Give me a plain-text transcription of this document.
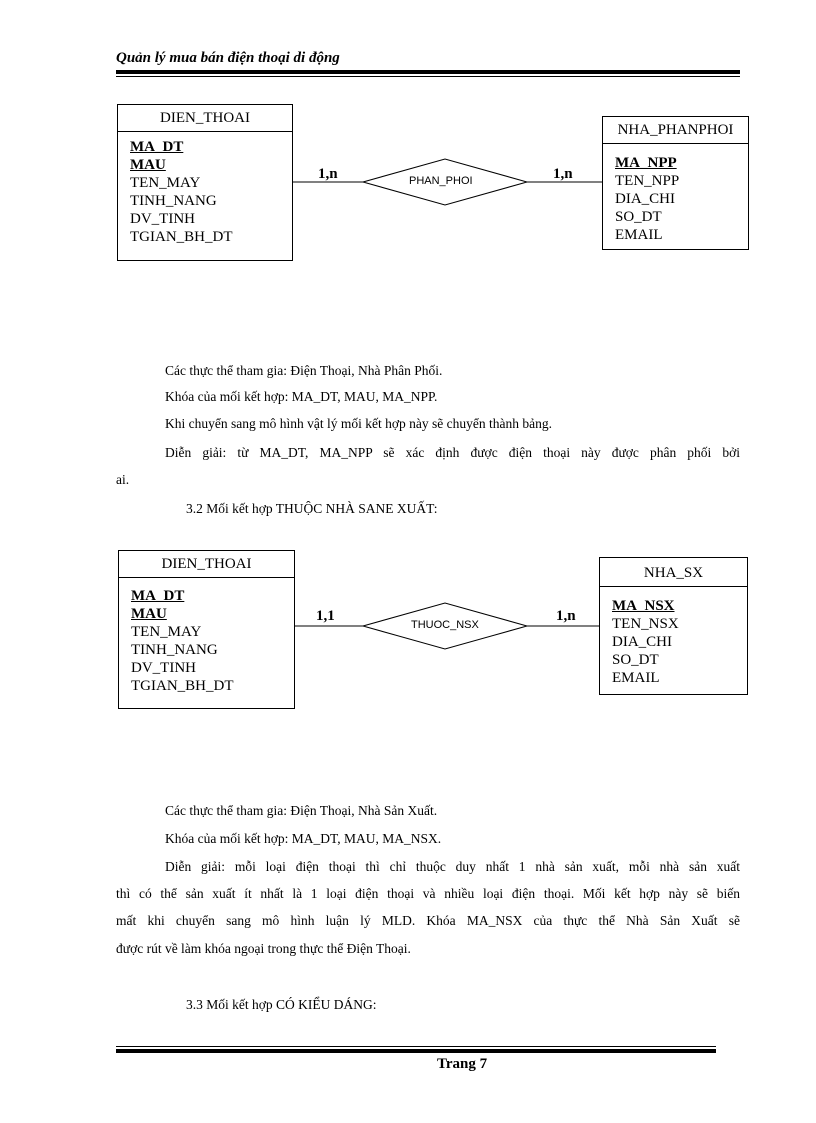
Quản lý mua bán điện thoại di động
DIEN_THOAI
MA_DT
MAU
TEN_MAY
TINH_NANG
DV_TINH
TGIAN_BH_DT
1,n	PHAN_PHOI	1,n
NHA_PHANPHOI
MA_NPP
TEN_NPP
DIA_CHI
SO_DT
EMAIL
Các thực thể tham gia: Điện Thoại, Nhà Phân Phối.
Khóa của mối kết hợp: MA_DT, MAU, MA_NPP.
Khi chuyển sang mô hình vật lý mối kết hợp này sẽ chuyển thành bảng.
Diễn giải: từ MA_DT, MA_NPP sẽ xác định được điện thoại này được phân phối bởi
ai.
3.2 Mối kết hợp THUỘC NHÀ SANE XUẤT:
DIEN_THOAI
MA_DT
MAU
TEN_MAY
TINH_NANG
DV_TINH
TGIAN_BH_DT
1,1
THUOC_NSX
1,n
NHA_SX
MA_NSX
TEN_NSX
DIA_CHI
SO_DT
EMAIL
Các thực thể tham gia: Điện Thoại, Nhà Sản Xuất.
Khóa của mối kết hợp: MA_DT, MAU, MA_NSX.
Diễn giải: mỗi loại điện thoại thì chỉ thuộc duy nhất 1 nhà sản xuất, mỗi nhà sản xuất
thì có thể sản xuất ít nhất là 1 loại điện thoại và nhiều loại điện thoại. Mối kết hợp này sẽ biến
mất khi chuyển sang mô hình luận lý MLD. Khóa MA_NSX của thực thể Nhà Sản Xuất sẽ
được rút về làm khóa ngoại trong thực thể Điện Thoại.
3.3 Mối kết hợp CÓ KIỂU DÁNG:
Trang 7
